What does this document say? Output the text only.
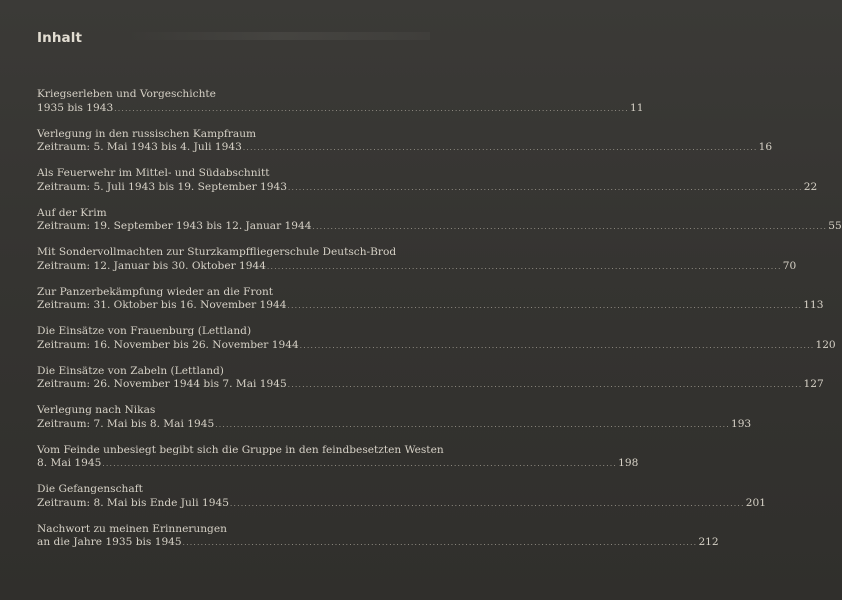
Inhalt
Kriegserleben und Vorgeschichte
1935 bis 1943 .............................................................................................................................................. 11
Verlegung in den russischen Kampfraum
Zeitraum: 5. Mai 1943 bis 4. Juli 1943 .............................................................................................................................................. 16
Als Feuerwehr im Mittel- und Südabschnitt
Zeitraum: 5. Juli 1943 bis 19. September 1943 .............................................................................................................................................. 22
Auf der Krim
Zeitraum: 19. September 1943 bis 12. Januar 1944 .............................................................................................................................................. 55
Mit Sondervollmachten zur Sturzkampffliegerschule Deutsch-Brod
Zeitraum: 12. Januar bis 30. Oktober 1944 .............................................................................................................................................. 70
Zur Panzerbekämpfung wieder an die Front
Zeitraum: 31. Oktober bis 16. November 1944 .............................................................................................................................................. 113
Die Einsätze von Frauenburg (Lettland)
Zeitraum: 16. November bis 26. November 1944 .............................................................................................................................................. 120
Die Einsätze von Zabeln (Lettland)
Zeitraum: 26. November 1944 bis 7. Mai 1945 .............................................................................................................................................. 127
Verlegung nach Nikas
Zeitraum: 7. Mai bis 8. Mai 1945 .............................................................................................................................................. 193
Vom Feinde unbesiegt begibt sich die Gruppe in den feindbesetzten Westen
8. Mai 1945 .............................................................................................................................................. 198
Die Gefangenschaft
Zeitraum: 8. Mai bis Ende Juli 1945 .............................................................................................................................................. 201
Nachwort zu meinen Erinnerungen
an die Jahre 1935 bis 1945 .............................................................................................................................................. 212
